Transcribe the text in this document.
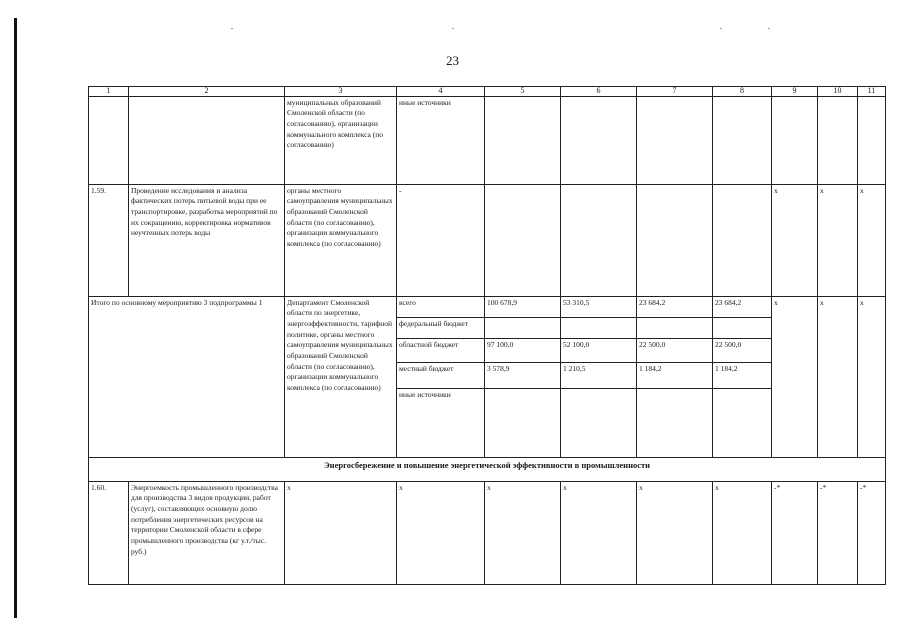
23
1	2	3	4	5	6	7	8	9	10	11
		муниципальных образований Смоленской области (по согласованию), организации коммунального комплекса (по согласованию)	иные источники							
1.59.	Проведение исследования и анализа фактических потерь питьевой воды при ее транспортировке, разработка мероприятий по их сокращению, корректировка нормативов неучтенных потерь воды	органы местного самоуправления муниципальных образований Смоленской области (по согласованию), организации коммунального комплекса (по согласованию)	-					x	x	x
Итого по основному мероприятию 3 подпрограммы 1		Департамент Смоленской области по энергетике, энергоэффективности, тарифной политике, органы местного самоуправления муниципальных образований Смоленской области (по согласованию), организации коммунального комплекса (по согласованию)	всего	100 678,9	53 310,5	23 684,2	23 684,2	x	x	x
			федеральный бюджет							
			областной бюджет	97 100,0	52 100,0	22 500,0	22 500,0			
			местный бюджет	3 578,9	1 210,5	1 184,2	1 184,2			
			иные источники							
Энергосбережение и повышение энергетической эффективности в промышленности										
1.60.	Энергоемкость промышленного производства для производства 3 видов продукции, работ (услуг), составляющих основную долю потребления энергетических ресурсов на территории Смоленской области в сфере промышленного производства (кг у.т./тыс. руб.)	x	x	x	x	x	x	-*	-*	-*
